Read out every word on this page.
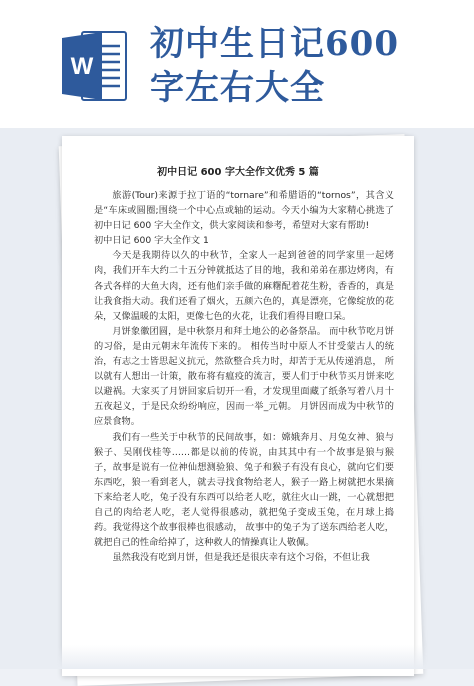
W
初中生日记600
字左右大全
初中日记 600 字大全作文优秀 5 篇

旅游(Tour)来源于拉丁语的“tornare”和希腊语的“tornos”，其含义是“车床或圆圈;围绕一个中心点或轴的运动。今天小编为大家精心挑选了初中日记 600 字大全作文，供大家阅读和参考，希望对大家有帮助!

初中日记 600 字大全作文 1

今天是我期待以久的中秋节，全家人一起到爸爸的同学家里一起烤肉，我们开车大约二十五分钟就抵达了目的地，我和弟弟在那边烤肉，有各式各样的大鱼大肉，还有他们亲手做的麻糬配着花生粉，香香的，真是让我食指大动。我们还看了烟火，五颜六色的，真是漂亮，它像绽放的花朵，又像温暖的太阳，更像七色的火花，让我们看得目瞪口呆。

月饼象徽团圆，是中秋祭月和拜土地公的必备祭品。 而中秋节吃月饼的习俗，是由元朝末年流传下来的。 相传当时中原人不甘受蒙古人的统治，有志之士皆思起义抗元，然欲整合兵力时，却苦于无从传递消息， 所以就有人想出一计策，散布将有瘟疫的流言，要人们于中秋节买月饼来吃以避祸。大家买了月饼回家后切开一看，才发现里面藏了纸条写着八月十五夜起义，于是民众纷纷响应，因而一举_元朝。 月饼因而成为中秋节的应景食物。

我们有一些关于中秋节的民间故事，如：嫦娥奔月、月兔女神、狼与猴子、吴刚伐桂等……都是以前的传说，由其其中有一个故事是狼与猴子，故事是说有一位神仙想测验狼、兔子和猴子有没有良心，就向它们要东西吃，狼一看到老人，就去寻找食物给老人，猴子一路上树就把水果摘下来给老人吃，兔子没有东西可以给老人吃，就往火山一跳，一心就想把自己的肉给老人吃，老人觉得很感动，就把兔子变成玉兔，在月球上捣药。我觉得这个故事很棒也很感动， 故事中的兔子为了送东西给老人吃，就把自己的性命给掉了，这种救人的情操真让人敬佩。

虽然我没有吃到月饼，但是我还是很庆幸有这个习俗，不但让我
